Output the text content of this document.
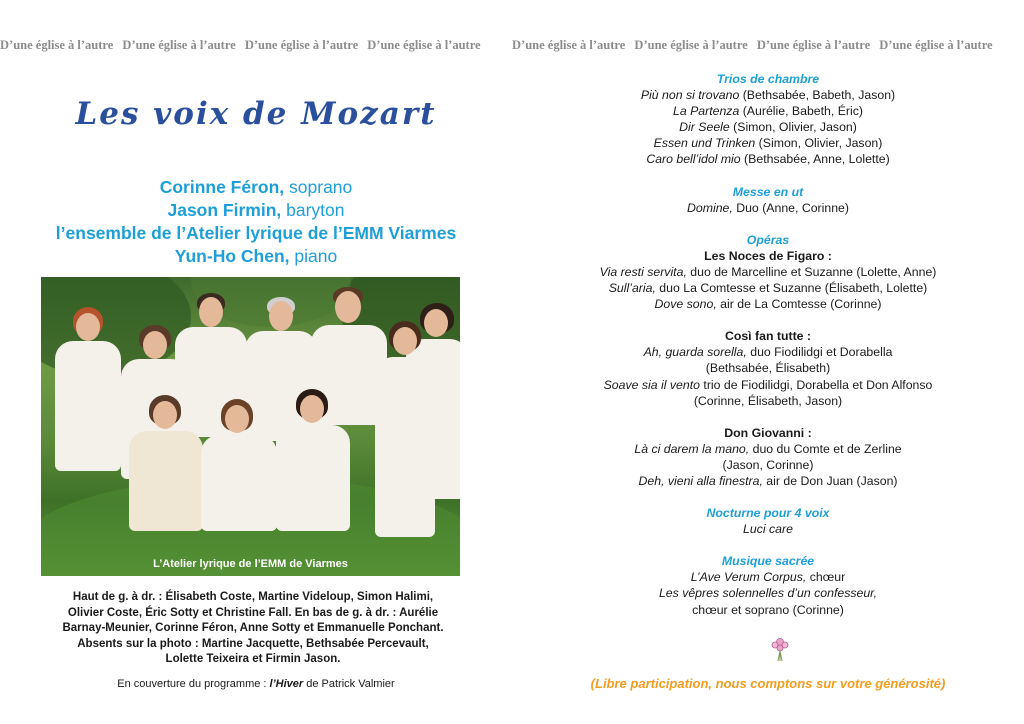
D’une église à l’autre D’une église à l’autre D’une église à l’autre D’une église à l’autre	D’une église à l’autre D’une église à l’autre D’une église à l’autre D’une église à l’autre
Les voix de Mozart
Corinne Féron, soprano
Jason Firmin, baryton
l’ensemble de l’Atelier lyrique de l’EMM Viarmes
Yun-Ho Chen, piano
L’Atelier lyrique de l’EMM de Viarmes
Haut de g. à dr. : Élisabeth Coste, Martine Videloup, Simon Halimi,
Olivier Coste, Éric Sotty et Christine Fall. En bas de g. à dr. : Aurélie
Barnay-Meunier, Corinne Féron, Anne Sotty et Emmanuelle Ponchant.
Absents sur la photo : Martine Jacquette, Bethsabée Percevault,
Lolette Teixeira et Firmin Jason.
En couverture du programme : l’Hiver de Patrick Valmier
Trios de chambre
Più non si trovano (Bethsabée, Babeth, Jason)
La Partenza (Aurélie, Babeth, Éric)
Dir Seele (Simon, Olivier, Jason)
Essen und Trinken (Simon, Olivier, Jason)
Caro bell’idol mio (Bethsabée, Anne, Lolette)
Messe en ut
Domine, Duo (Anne, Corinne)
Opéras
Les Noces de Figaro :
Via resti servita, duo de Marcelline et Suzanne (Lolette, Anne)
Sull’aria, duo La Comtesse et Suzanne (Élisabeth, Lolette)
Dove sono, air de La Comtesse (Corinne)
Così fan tutte :
Ah, guarda sorella, duo Fiodilidgi et Dorabella
(Bethsabée, Élisabeth)
Soave sia il vento trio de Fiodilidgi, Dorabella et Don Alfonso
(Corinne, Élisabeth, Jason)
Don Giovanni :
Là ci darem la mano, duo du Comte et de Zerline
(Jason, Corinne)
Deh, vieni alla finestra, air de Don Juan (Jason)
Nocturne pour 4 voix
Luci care
Musique sacrée
L’Ave Verum Corpus, chœur
Les vêpres solennelles d’un confesseur,
chœur et soprano (Corinne)
(Libre participation, nous comptons sur votre générosité)
